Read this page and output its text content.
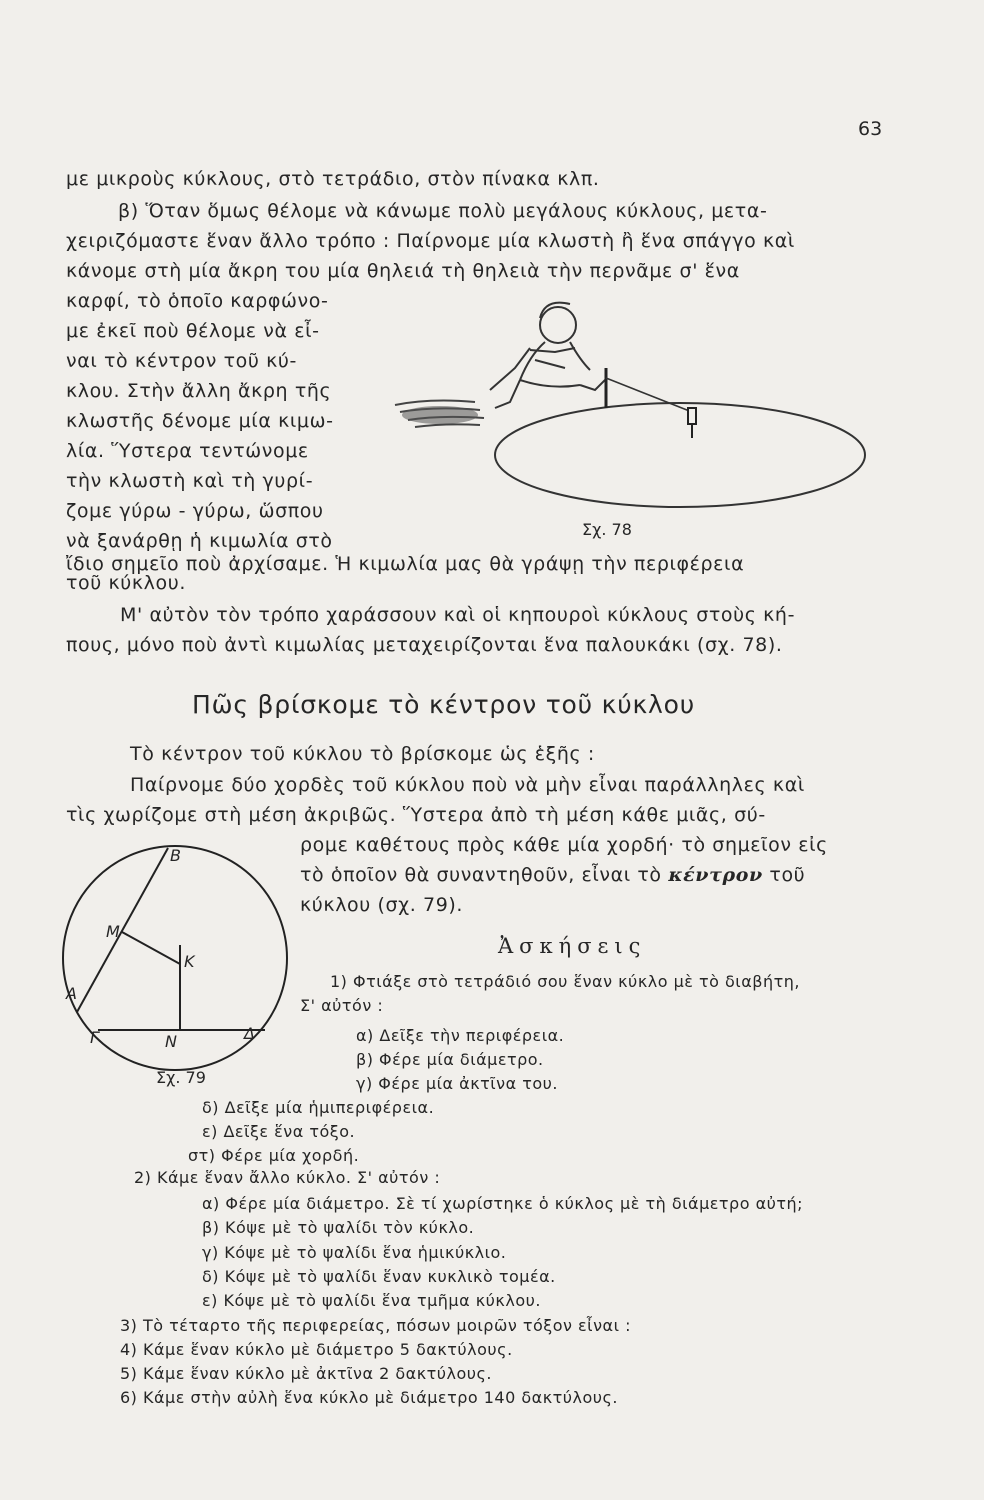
63
με μικροὺς κύκλους, στὸ τετράδιο, στὸν πίνακα κλπ.
β) Ὅταν ὅμως θέλομε νὰ κάνωμε πολὺ μεγάλους κύκλους, μετα-
χειριζόμαστε ἕναν ἄλλο τρόπο : Παίρνομε μία κλωστὴ ἢ ἕνα σπάγγο καὶ
κάνομε στὴ μία ἄκρη του μία θηλειά τὴ θηλειὰ τὴν περνᾶμε σ' ἕνα
καρφί, τὸ ὁποῖο καρφώνο-
με ἐκεῖ ποὺ θέλομε νὰ εἶ-
ναι τὸ κέντρον τοῦ κύ-
κλου. Στὴν ἄλλη ἄκρη τῆς
κλωστῆς δένομε μία κιμω-
λία. Ὕστερα τεντώνομε
τὴν κλωστὴ καὶ τὴ γυρί-
ζομε γύρω - γύρω, ὥσπου
νὰ ξανάρθῃ ἡ κιμωλία στὸ
Σχ. 78
ἴδιο σημεῖο ποὺ ἀρχίσαμε. Ἡ κιμωλία μας θὰ γράψῃ τὴν περιφέρεια
τοῦ κύκλου.
Μ' αὐτὸν τὸν τρόπο χαράσσουν καὶ οἱ κηπουροὶ κύκλους στοὺς κή-
πους, μόνο ποὺ ἀντὶ κιμωλίας μεταχειρίζονται ἕνα παλουκάκι (σχ. 78).
Πῶς βρίσκομε τὸ κέντρον τοῦ κύκλου
Τὸ κέντρον τοῦ κύκλου τὸ βρίσκομε ὡς ἑξῆς :
Παίρνομε δύο χορδὲς τοῦ κύκλου ποὺ νὰ μὴν εἶναι παράλληλες καὶ
τὶς χωρίζομε στὴ μέση ἀκριβῶς. Ὕστερα ἀπὸ τὴ μέση κάθε μιᾶς, σύ-
ρομε καθέτους πρὸς κάθε μία χορδή· τὸ σημεῖον εἰς
τὸ ὁποῖον θὰ συναντηθοῦν, εἶναι τὸ κέντρον τοῦ
κύκλου (σχ. 79).
B
M
K
A
Γ	N	Δ
Σχ. 79
Ἀσκήσεις
1) Φτιάξε στὸ τετράδιό σου ἕναν κύκλο μὲ τὸ διαβήτη,
Σ' αὐτόν :
α) Δεῖξε τὴν περιφέρεια.
β) Φέρε μία διάμετρο.
γ) Φέρε μία ἀκτῖνα του.
δ) Δεῖξε μία ἡμιπεριφέρεια.
ε) Δεῖξε ἕνα τόξο.
στ) Φέρε μία χορδή.
2) Κάμε ἕναν ἄλλο κύκλο. Σ' αὐτόν :
α) Φέρε μία διάμετρο. Σὲ τί χωρίστηκε ὁ κύκλος μὲ τὴ διάμετρο αὐτή;
β) Κόψε μὲ τὸ ψαλίδι τὸν κύκλο.
γ) Κόψε μὲ τὸ ψαλίδι ἕνα ἡμικύκλιο.
δ) Κόψε μὲ τὸ ψαλίδι ἕναν κυκλικὸ τομέα.
ε) Κόψε μὲ τὸ ψαλίδι ἕνα τμῆμα κύκλου.
3) Τὸ τέταρτο τῆς περιφερείας, πόσων μοιρῶν τόξον εἶναι :
4) Κάμε ἕναν κύκλο μὲ διάμετρο 5 δακτύλους.
5) Κάμε ἕναν κύκλο μὲ ἀκτῖνα 2 δακτύλους.
6) Κάμε στὴν αὐλὴ ἕνα κύκλο μὲ διάμετρο 140 δακτύλους.
